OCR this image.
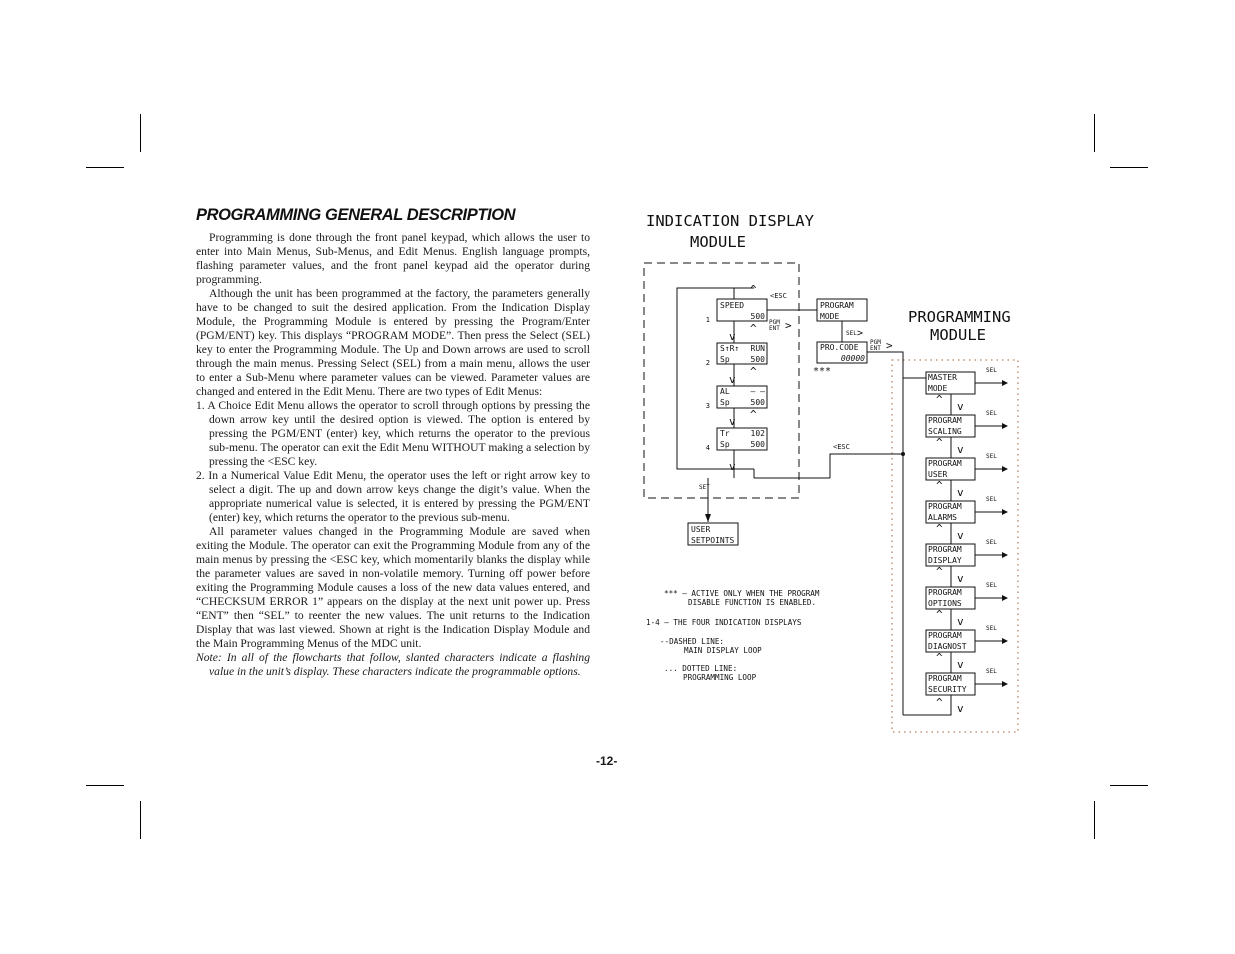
PROGRAMMING GENERAL DESCRIPTION

Programming is done through the front panel keypad, which allows the user to enter into Main Menus, Sub-Menus, and Edit Menus. English language prompts, flashing parameter values, and the front panel keypad aid the operator during programming.

Although the unit has been programmed at the factory, the parameters generally have to be changed to suit the desired application. From the Indication Display Module, the Programming Module is entered by pressing the Program/Enter (PGM/ENT) key. This displays “PROGRAM MODE”. Then press the Select (SEL) key to enter the Programming Module. The Up and Down arrows are used to scroll through the main menus. Pressing Select (SEL) from a main menu, allows the user to enter a Sub-Menu where parameter values can be viewed. Parameter values are changed and entered in the Edit Menu. There are two types of Edit Menus:

1. A Choice Edit Menu allows the operator to scroll through options by pressing the down arrow key until the desired option is viewed. The option is entered by pressing the PGM/ENT (enter) key, which returns the operator to the previous sub-menu. The operator can exit the Edit Menu WITHOUT making a selection by pressing the <ESC key.

2. In a Numerical Value Edit Menu, the operator uses the left or right arrow key to select a digit. The up and down arrow keys change the digit’s value. When the appropriate numerical value is selected, it is entered by pressing the PGM/ENT (enter) key, which returns the operator to the previous sub-menu.

All parameter values changed in the Programming Module are saved when exiting the Module. The operator can exit the Programming Module from any of the main menus by pressing the <ESC key, which momentarily blanks the display while the parameter values are saved in non-volatile memory. Turning off power before exiting the Programming Module causes a loss of the new data values entered, and “CHECKSUM ERROR 1” appears on the display at the next unit power up. Press “ENT” then “SEL” to reenter the new values. The unit returns to the Indication Display that was last viewed. Shown at right is the Indication Display Module and the Main Programming Menus of the MDC unit.

Note: In all of the flowcharts that follow, slanted characters indicate a flashing value in the unit’s display. These characters indicate the programmable options.

-12-
INDICATION DISPLAY
MODULE
PROGRAMMING
MODULE
SPEED
500
1
S↑R↑ RUN
Sp	500
2
AL	– –
Sp	500
3
Tr	102
Sp	500
4
^
v
^
v
^
v
^
v
<ESC
PGM
ENT >
PROGRAM
MODE
SEL >
PRO.CODE
00000
***
PGM
ENT >
<ESC
SET
USER
SETPOINTS
MASTER
MODE
SEL
PROGRAM
SCALING
SEL
PROGRAM
USER
SEL
PROGRAM
ALARMS
SEL
PROGRAM
DISPLAY
SEL
PROGRAM
OPTIONS
SEL
PROGRAM
DIAGNOST
SEL
PROGRAM
SECURITY
SEL
^
v
^
v
^
v
^
v
^
v
^
v
^
v
^ v
*** – ACTIVE ONLY WHEN THE PROGRAM
DISABLE FUNCTION IS ENABLED.
1-4 – THE FOUR INDICATION DISPLAYS
--DASHED LINE:
MAIN DISPLAY LOOP
... DOTTED LINE:
PROGRAMMING LOOP
